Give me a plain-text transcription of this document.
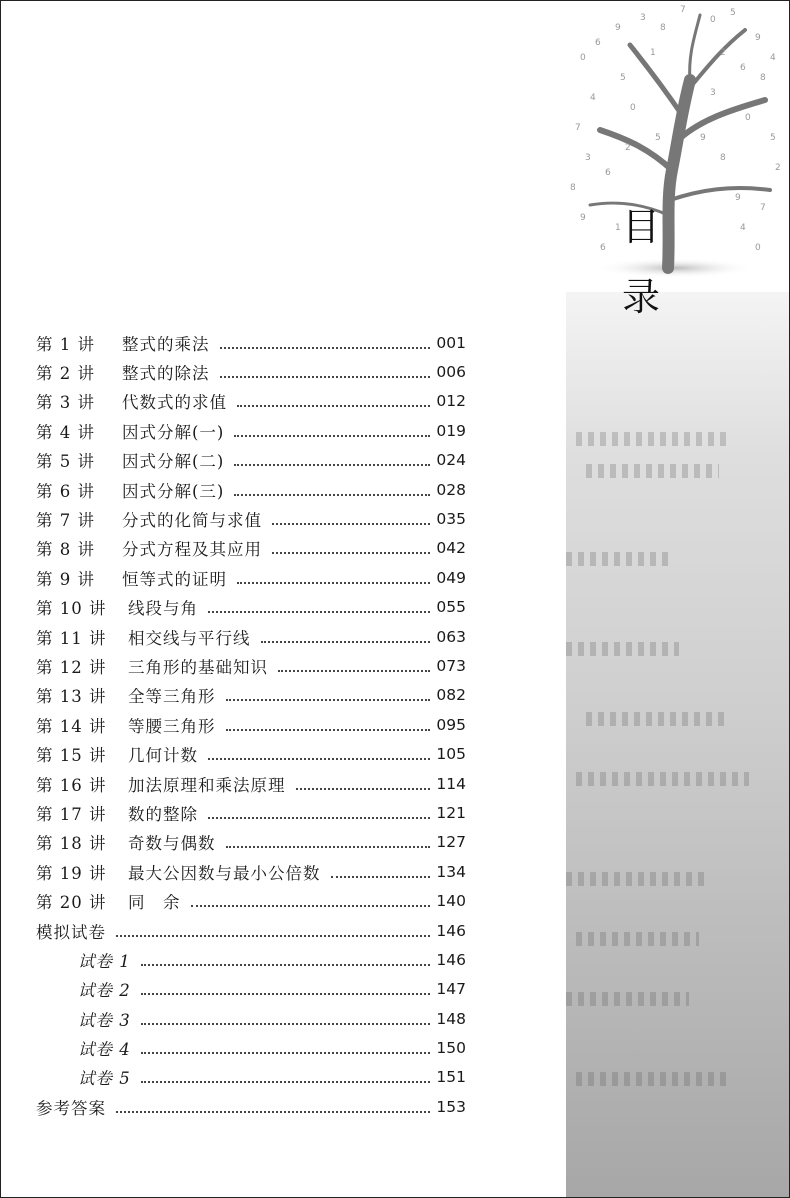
0
6
9
3
8
7
0
5
9
4
8
6
2
1
5
4
7
3
8
9
6
0
3
0
5
2
7
4
8
9
5
1
6	0
9
2
目
录
第 1 讲	整式的乘法	001
第 2 讲	整式的除法	006
第 3 讲	代数式的求值	012
第 4 讲	因式分解(一)	019
第 5 讲	因式分解(二)	024
第 6 讲	因式分解(三)	028
第 7 讲	分式的化简与求值	035
第 8 讲	分式方程及其应用	042
第 9 讲	恒等式的证明	049
第 10 讲	线段与角	055
第 11 讲	相交线与平行线	063
第 12 讲	三角形的基础知识	073
第 13 讲	全等三角形	082
第 14 讲	等腰三角形	095
第 15 讲	几何计数	105
第 16 讲	加法原理和乘法原理	114
第 17 讲	数的整除	121
第 18 讲	奇数与偶数	127
第 19 讲	最大公因数与最小公倍数	134
第 20 讲	同　余	140
模拟试卷	146
试卷 1	146
试卷 2	147
试卷 3	148
试卷 4	150
试卷 5	151
参考答案	153
